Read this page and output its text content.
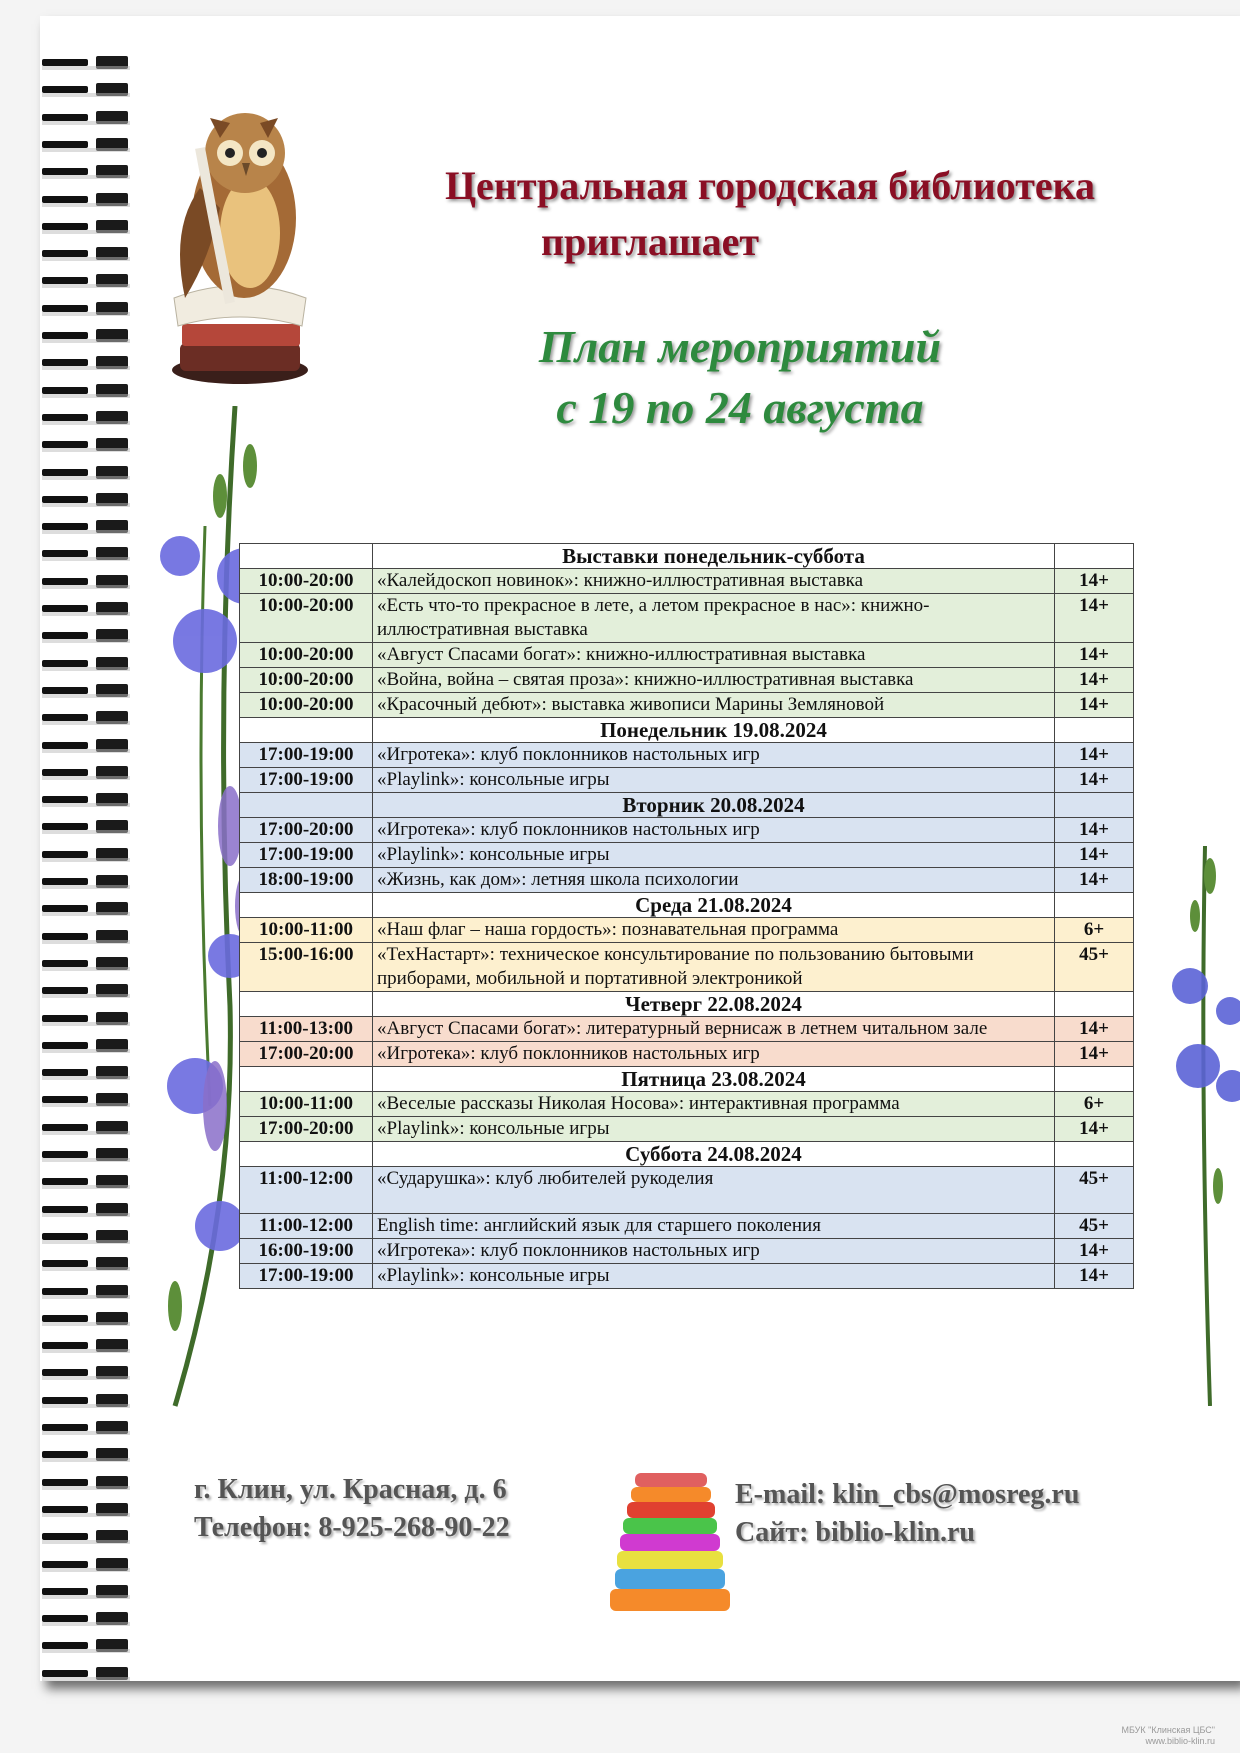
Центральная городская библиотека
приглашает
План мероприятий
с 19 по 24 августа
г. Клин, ул. Красная, д. 6
Телефон: 8-925-268-90-22
E-mail: klin_cbs@mosreg.ru
Сайт: biblio-klin.ru
	Выставки понедельник-суббота	
10:00-20:00	«Калейдоскоп новинок»: книжно-иллюстративная выставка	14+
10:00-20:00	«Есть что-то прекрасное в лете, а летом прекрасное в нас»: книжно-иллюстративная выставка	14+
10:00-20:00	«Август Спасами богат»: книжно-иллюстративная выставка	14+
10:00-20:00	«Война, война – святая проза»: книжно-иллюстративная выставка	14+
10:00-20:00	«Красочный дебют»: выставка живописи Марины Земляновой	14+
	Понедельник 19.08.2024	
17:00-19:00	«Игротека»: клуб поклонников настольных игр	14+
17:00-19:00	«Playlink»: консольные игры	14+
	Вторник 20.08.2024	
17:00-20:00	«Игротека»: клуб поклонников настольных игр	14+
17:00-19:00	«Playlink»: консольные игры	14+
18:00-19:00	«Жизнь, как дом»: летняя школа психологии	14+
	Среда 21.08.2024	
10:00-11:00	«Наш флаг – наша гордость»: познавательная программа	6+
15:00-16:00	«ТехНастарт»: техническое консультирование по пользованию бытовыми приборами, мобильной и портативной электроникой	45+
	Четверг 22.08.2024	
11:00-13:00	«Август Спасами богат»: литературный вернисаж в летнем читальном зале	14+
17:00-20:00	«Игротека»: клуб поклонников настольных игр	14+
	Пятница 23.08.2024	
10:00-11:00	«Веселые рассказы Николая Носова»: интерактивная программа	6+
17:00-20:00	«Playlink»: консольные игры	14+
	Суббота 24.08.2024	
11:00-12:00	«Сударушка»: клуб любителей рукоделия	45+
11:00-12:00	English time: английский язык для старшего поколения	45+
16:00-19:00	«Игротека»: клуб поклонников настольных игр	14+
17:00-19:00	«Playlink»: консольные игры	14+
МБУК "Клинская ЦБС"
www.biblio-klin.ru
